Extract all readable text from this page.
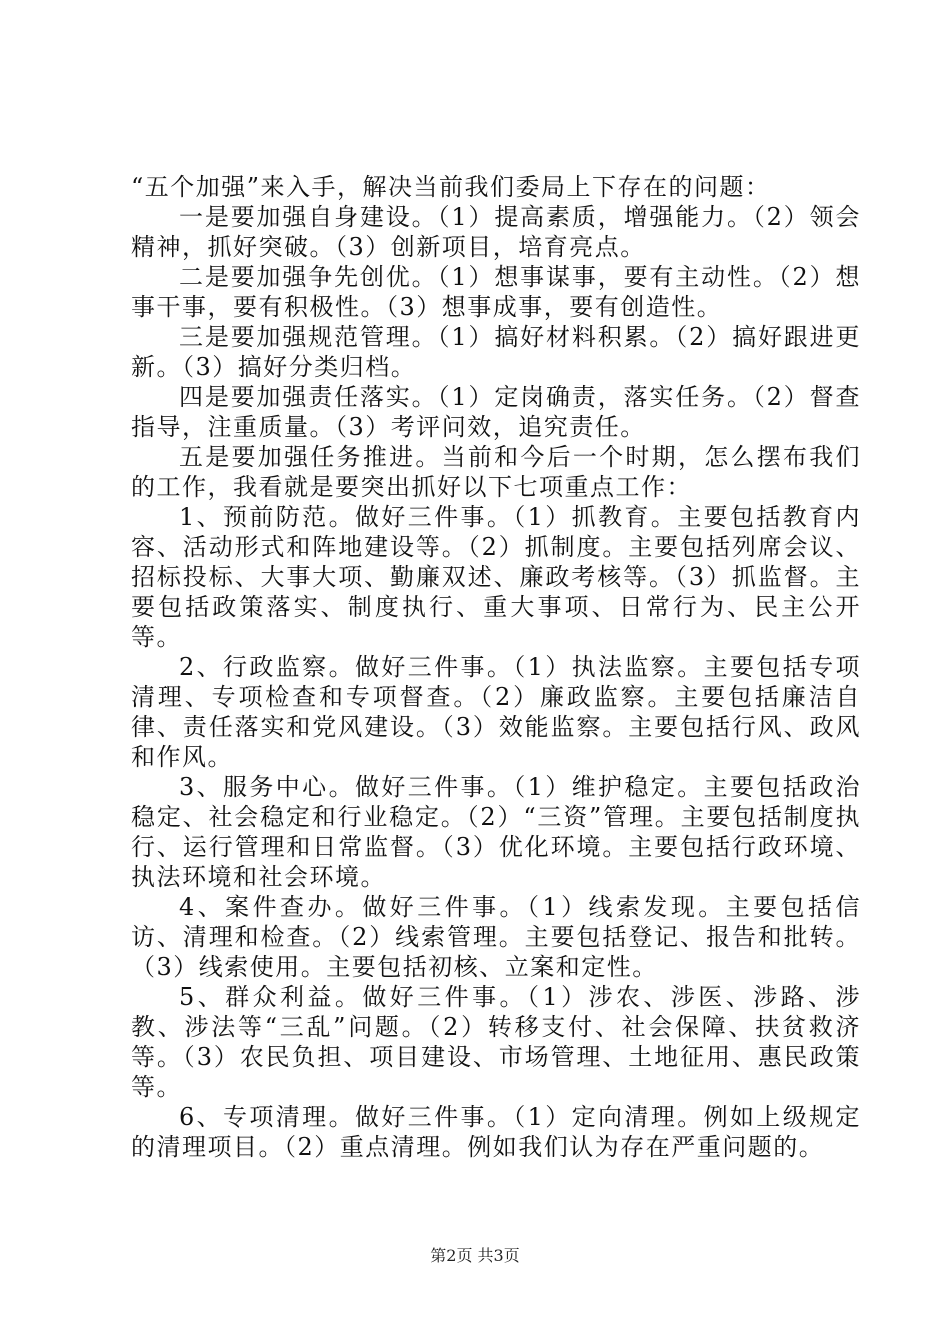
“五个加强”来入手，解决当前我们委局上下存在的问题：

一是要加强自身建设。（1）提高素质，增强能力。（2）领会精神，抓好突破。（3）创新项目，培育亮点。

二是要加强争先创优。（1）想事谋事，要有主动性。（2）想事干事，要有积极性。（3）想事成事，要有创造性。

三是要加强规范管理。（1）搞好材料积累。（2）搞好跟进更新。（3）搞好分类归档。

四是要加强责任落实。（1）定岗确责，落实任务。（2）督查指导，注重质量。（3）考评问效，追究责任。

五是要加强任务推进。当前和今后一个时期，怎么摆布我们的工作，我看就是要突出抓好以下七项重点工作：

1、预前防范。做好三件事。（1）抓教育。主要包括教育内容、活动形式和阵地建设等。（2）抓制度。主要包括列席会议、招标投标、大事大项、勤廉双述、廉政考核等。（3）抓监督。主要包括政策落实、制度执行、重大事项、日常行为、民主公开等。

2、行政监察。做好三件事。（1）执法监察。主要包括专项清理、专项检查和专项督查。（2）廉政监察。主要包括廉洁自律、责任落实和党风建设。（3）效能监察。主要包括行风、政风和作风。

3、服务中心。做好三件事。（1）维护稳定。主要包括政治稳定、社会稳定和行业稳定。（2）“三资”管理。主要包括制度执行、运行管理和日常监督。（3）优化环境。主要包括行政环境、执法环境和社会环境。

4、案件查办。做好三件事。（1）线索发现。主要包括信访、清理和检查。（2）线索管理。主要包括登记、报告和批转。（3）线索使用。主要包括初核、立案和定性。

5、群众利益。做好三件事。（1）涉农、涉医、涉路、涉教、涉法等“三乱”问题。（2）转移支付、社会保障、扶贫救济等。（3）农民负担、项目建设、市场管理、土地征用、惠民政策等。

6、专项清理。做好三件事。（1）定向清理。例如上级规定的清理项目。（2）重点清理。例如我们认为存在严重问题的。

第2页 共3页
